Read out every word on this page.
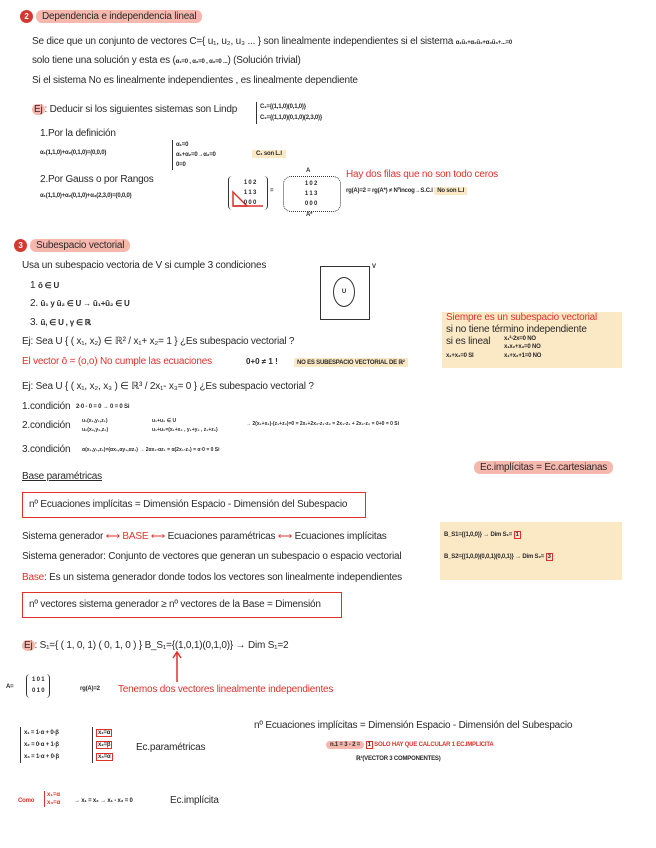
2 Dependencia e independencia lineal
Se dice que un conjunto de vectores C={ u₁, u₂, u₃ ... } son linealmente independientes si el sistema α₁ū₁+α₂ū₂+α₃ū₃+...=0
solo tiene una solución y esta es (α₁=0 , α₂=0 , α₃=0 ...) (Solución trivial)
Si el sistema No es linealmente independientes , es linealmente dependiente
Ej : Deducir si los siguientes sistemas son Lindp	C₁={(1,1,0)(0,1,0)}
C₂={(1,1,0)(0,1,0)(2,3,0)}
1.Por la definición
α₁(1,1,0)+α₂(0,1,0)=(0,0,0)
α₁=0
α₁+α₂=0→α₂=0
0=0
C₁ son L.I
2.Por Gauss o por Rangos
α₁(1,1,0)+α₂(0,1,0)+α₃(2,3,0)=(0,0,0)
1 0 2
1 1 3
0 0 0
=
1 0 2
1 1 3
0 0 0
A
A*
Hay dos filas que no son todo ceros
rg(A)=2 = rg(A*) ≠ Nºincog→S.C.I No son L.I
3 Subespacio vectorial
Usa un subespacio vectoria de V si cumple 3 condiciones
U
V
1 ō ∈ U
2. ū₁ y ū₂ ∈ U → ū₁+ū₂ ∈ U
3. ū, ∈ U , γ ∈ ℝ	Siempre es un subespacio vectorial
si no tiene término independiente
si es lineal x₁²-2x=0 NO
x₁x₂+x₃=0 NO
x₁+x₂=0 SI	x₁+x₂+1=0 NO
Ej: Sea U { ( x₁, x₂) ∈ ℝ² / x₁+ x₂= 1 } ¿Es subespacio vectorial ?
El vector ō = (o,o) No cumple las ecuaciones	0+0 ≠ 1 !	NO ES SUBESPACIO VECTORIAL DE ℝ²
Ej: Sea U { ( x₁, x₂, x₃ ) ∈ ℝ³ / 2x₁- x₃= 0 } ¿Es subespacio vectorial ?
1.condición 2·0 - 0 = 0 → 0 = 0 Si
2.condición u₁(x₁,y₁,z₁)
u₂(x₂,y₂,z₂)
u₁+u₂ ∈ U
u₁+u₂=(x₁+x₂ , y₁+y₂ , z₁+z₂)
→ 2(x₁+x₂)-(z₁+z₂)=0 = 2x₁+2x₂-z₁-z₂ = 2x₁-z₁ + 2x₂-z₂ = 0+0 = 0 Si
3.condición α(x₁,y₁,z₁)=(αx₁,αy₁,αz₁) → 2αx₁-αz₁ = α(2x₁-z₁) = α·0 = 0 Si
Base paramétricas
Ec.implícitas = Ec.cartesianas
nº Ecuaciones implícitas = Dimensión Espacio - Dimensión del Subespacio
Sistema generador ⟷ BASE ⟷ Ecuaciones paramétricas ⟷ Ecuaciones implícitas
Sistema generador: Conjunto de vectores que generan un subespacio o espacio vectorial
Base: Es un sistema generador donde todos los vectores son linealmente independientes
B_S1={(1,0,0)} → Dim S₁= 1
B_S2={(1,0,0)(0,0,1)(0,0,1)} → Dim S₂= 3
nº vectores sistema generador ≥ nº vectores de la Base = Dimensión
Ej : S₁={ ( 1, 0, 1) ( 0, 1, 0 ) } B_S₁={(1,0,1)(0,1,0)} → Dim S₁=2
A=
1 0 1
0 1 0	rg(A)=2 Tenemos dos vectores linealmente independientes
nº Ecuaciones implícitas = Dimensión Espacio - Dimensión del Subespacio
n.1 = 3 - 2 = 1 SOLO HAY QUE CALCULAR 1 EC.IMPLICITA
ℝ³(VECTOR 3 COMPONENTES)
x₁ = 1·α + 0·β
x₂ = 0·α + 1·β
x₃ = 1·α + 0·β
x₁=α
x₂=β
x₃=α
Ec.paramétricas
Como
x₁=α
x₃=α → x₁ = x₃ → x₁ - x₃ = 0	Ec.implícita
